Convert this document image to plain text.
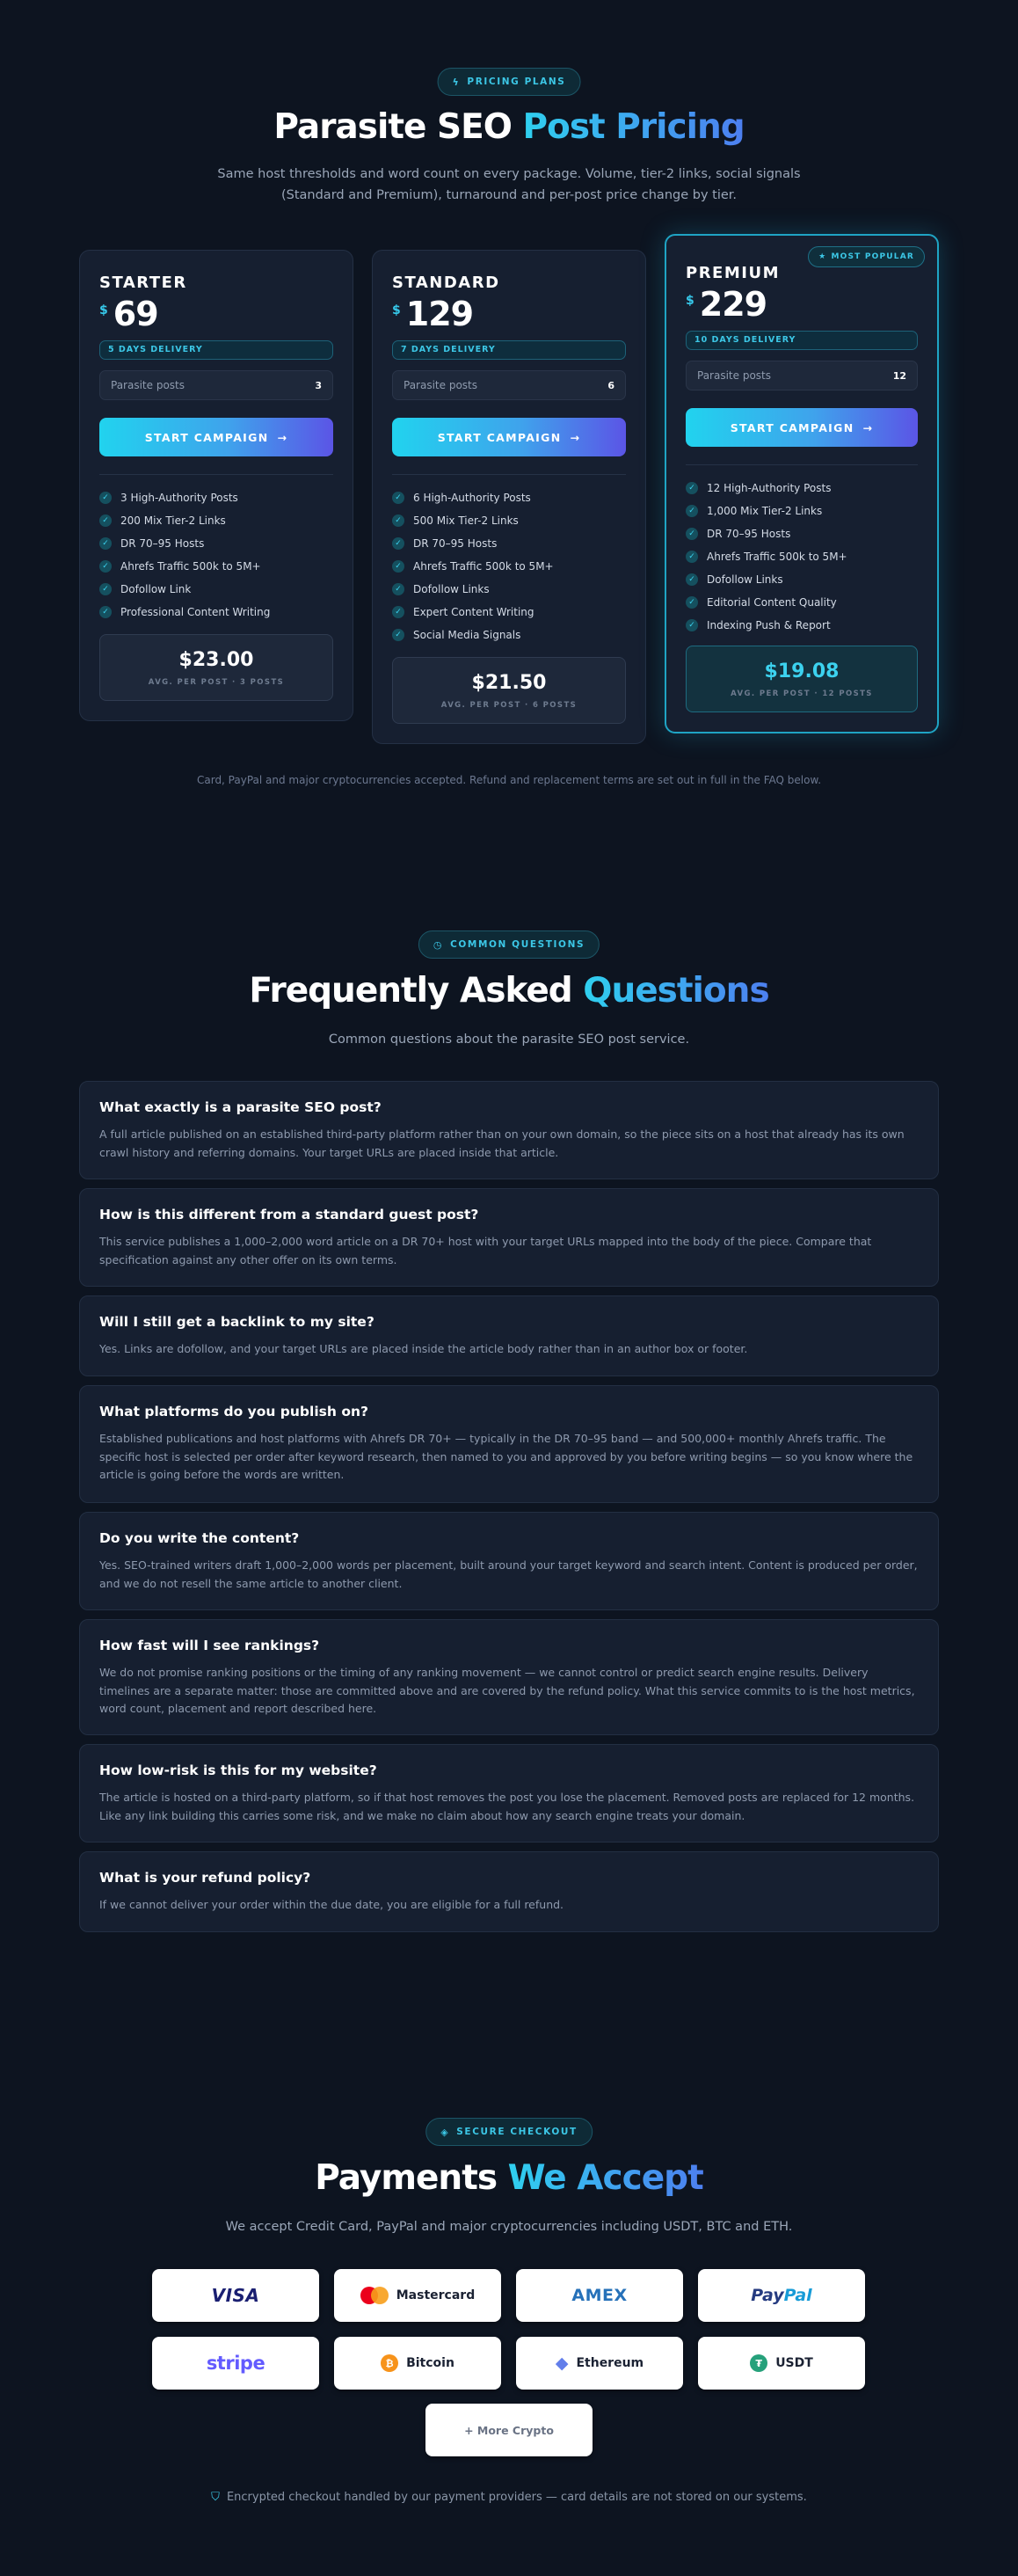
ϟ PRICING PLANS
Parasite SEO Post Pricing
Same host thresholds and word count on every package. Volume, tier-2 links, social signals
(Standard and Premium), turnaround and per-post price change by tier.
STARTER
$ 69
5 DAYS DELIVERY
Parasite posts	3
START CAMPAIGN →
✓ 3 High-Authority Posts
✓ 200 Mix Tier-2 Links
✓ DR 70–95 Hosts
✓ Ahrefs Traffic 500k to 5M+
✓ Dofollow Link
✓ Professional Content Writing
$23.00
AVG. PER POST · 3 POSTS
STANDARD
$ 129
7 DAYS DELIVERY
Parasite posts	6
START CAMPAIGN →
✓ 6 High-Authority Posts
✓ 500 Mix Tier-2 Links
✓ DR 70–95 Hosts
✓ Ahrefs Traffic 500k to 5M+
✓ Dofollow Links
✓ Expert Content Writing
✓ Social Media Signals
$21.50
AVG. PER POST · 6 POSTS
★ MOST POPULAR
PREMIUM
$ 229
10 DAYS DELIVERY
Parasite posts	12
START CAMPAIGN →
✓ 12 High-Authority Posts
✓ 1,000 Mix Tier-2 Links
✓ DR 70–95 Hosts
✓ Ahrefs Traffic 500k to 5M+
✓ Dofollow Links
✓ Editorial Content Quality
✓ Indexing Push & Report
$19.08
AVG. PER POST · 12 POSTS
Card, PayPal and major cryptocurrencies accepted. Refund and replacement terms are set out in full in the FAQ below.
◷ COMMON QUESTIONS
Frequently Asked Questions
Common questions about the parasite SEO post service.
What exactly is a parasite SEO post?
A full article published on an established third-party platform rather than on your own domain, so the piece sits on a host that already has its own crawl history and referring domains. Your target URLs are placed inside that article.
How is this different from a standard guest post?
This service publishes a 1,000–2,000 word article on a DR 70+ host with your target URLs mapped into the body of the piece. Compare that specification against any other offer on its own terms.
Will I still get a backlink to my site?
Yes. Links are dofollow, and your target URLs are placed inside the article body rather than in an author box or footer.
What platforms do you publish on?
Established publications and host platforms with Ahrefs DR 70+ — typically in the DR 70–95 band — and 500,000+ monthly Ahrefs traffic. The specific host is selected per order after keyword research, then named to you and approved by you before writing begins — so you know where the article is going before the words are written.
Do you write the content?
Yes. SEO-trained writers draft 1,000–2,000 words per placement, built around your target keyword and search intent. Content is produced per order, and we do not resell the same article to another client.
How fast will I see rankings?
We do not promise ranking positions or the timing of any ranking movement — we cannot control or predict search engine results. Delivery timelines are a separate matter: those are committed above and are covered by the refund policy. What this service commits to is the host metrics, word count, placement and report described here.
How low-risk is this for my website?
The article is hosted on a third-party platform, so if that host removes the post you lose the placement. Removed posts are replaced for 12 months. Like any link building this carries some risk, and we make no claim about how any search engine treats your domain.
What is your refund policy?
If we cannot deliver your order within the due date, you are eligible for a full refund.
◈ SECURE CHECKOUT
Payments We Accept
We accept Credit Card, PayPal and major cryptocurrencies including USDT, BTC and ETH.
VISA	Mastercard	AMEX	PayPal
stripe	₿	Bitcoin	◆ Ethereum	₮	USDT
+ More Crypto
⛉ Encrypted checkout handled by our payment providers — card details are not stored on our systems.
